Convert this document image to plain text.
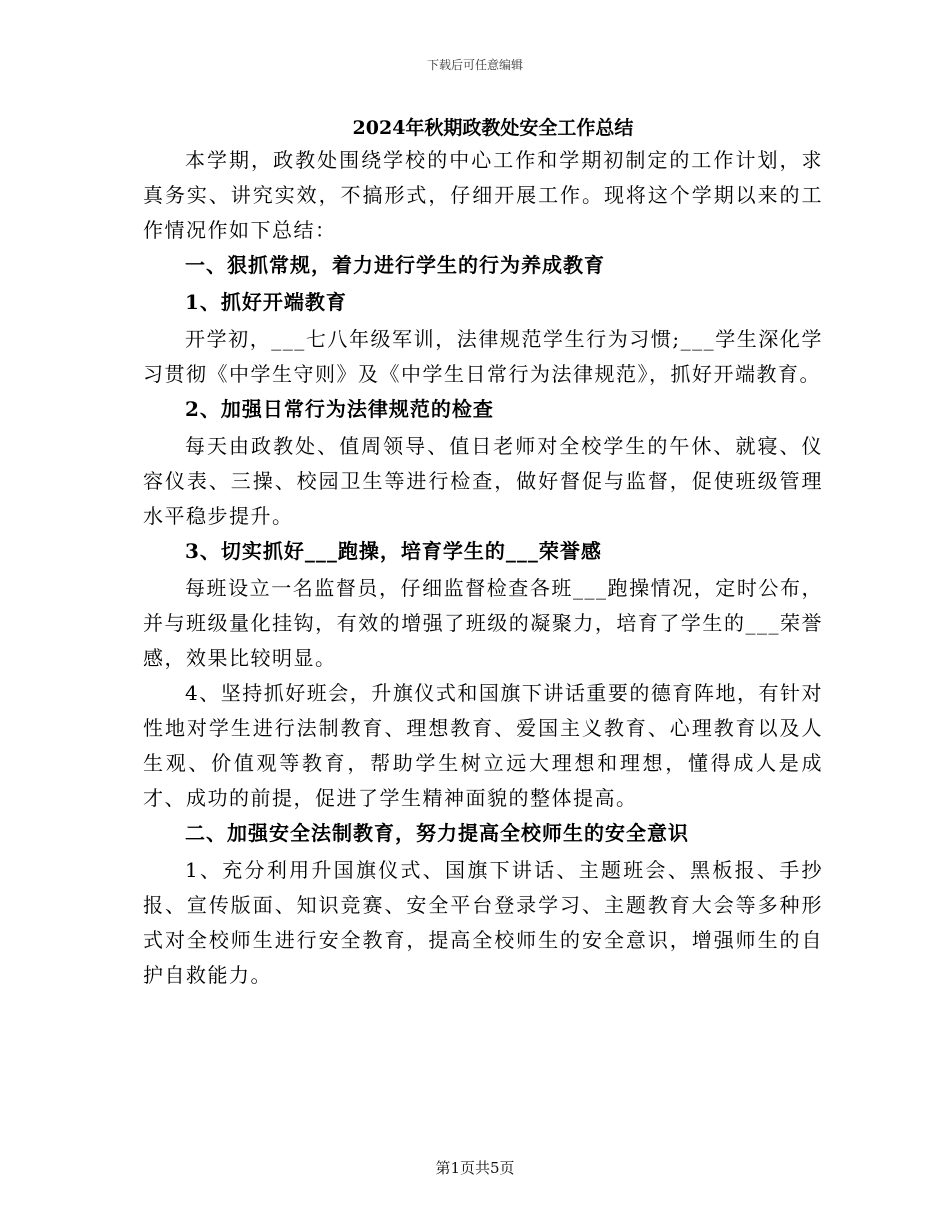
下载后可任意编辑
2024年秋期政教处安全工作总结

本学期，政教处围绕学校的中心工作和学期初制定的工作计划，求真务实、讲究实效，不搞形式，仔细开展工作。现将这个学期以来的工作情况作如下总结：

一、狠抓常规，着力进行学生的行为养成教育

1、抓好开端教育

开学初，___七八年级军训，法律规范学生行为习惯;___学生深化学习贯彻《中学生守则》及《中学生日常行为法律规范》，抓好开端教育。

2、加强日常行为法律规范的检查

每天由政教处、值周领导、值日老师对全校学生的午休、就寝、仪容仪表、三操、校园卫生等进行检查，做好督促与监督，促使班级管理水平稳步提升。

3、切实抓好___跑操，培育学生的___荣誉感

每班设立一名监督员，仔细监督检查各班___跑操情况，定时公布，并与班级量化挂钩，有效的增强了班级的凝聚力，培育了学生的___荣誉感，效果比较明显。

4、坚持抓好班会，升旗仪式和国旗下讲话重要的德育阵地，有针对性地对学生进行法制教育、理想教育、爱国主义教育、心理教育以及人生观、价值观等教育，帮助学生树立远大理想和理想，懂得成人是成才、成功的前提，促进了学生精神面貌的整体提高。

二、加强安全法制教育，努力提高全校师生的安全意识

1、充分利用升国旗仪式、国旗下讲话、主题班会、黑板报、手抄报、宣传版面、知识竞赛、安全平台登录学习、主题教育大会等多种形式对全校师生进行安全教育，提高全校师生的安全意识，增强师生的自护自救能力。

第1页共5页
